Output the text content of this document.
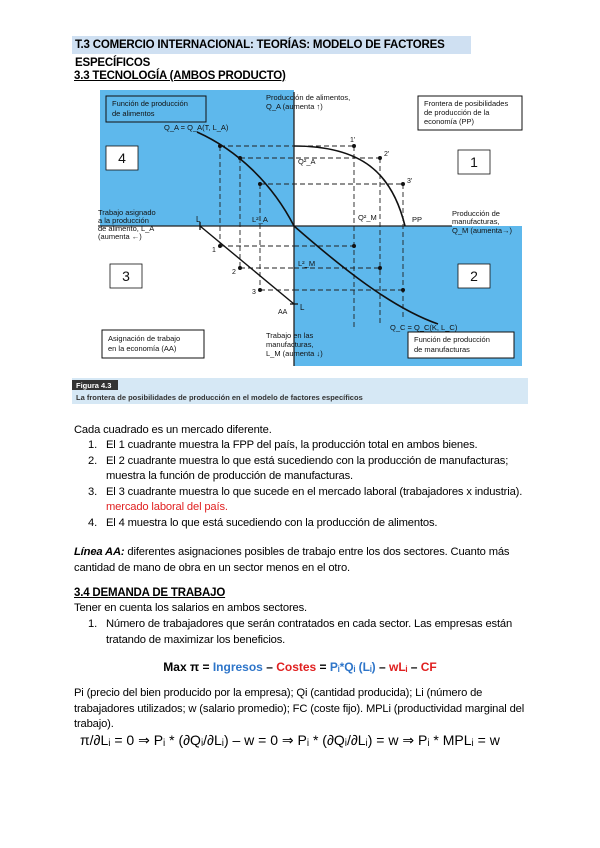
T.3 COMERCIO INTERNACIONAL: TEORÍAS: MODELO DE FACTORES ESPECÍFICOS
3.3 TECNOLOGÍA (AMBOS PRODUCTO)
Función de producción de alimentos
Frontera de posibilidades de producción de la economía (PP)
Asignación de trabajo en la economía (AA)
Función de producción de manufacturas
4	1
3	2
Producción de alimentos, Q_A (aumenta ↑)
Trabajo asignado a la producción de alimento, L_A (aumenta ←)
Producción de manufacturas, Q_M (aumenta→)
Trabajo en las manufacturas, L_M (aumenta ↓)
Q_A = Q_A(T, L_A)
Q_C = Q_C(K, L_C)
Q²_A
L²_A
L²_M
Q²_M
L
L
AA
PP
1'
2'
3'
1
2
3
Figura 4.3
La frontera de posibilidades de producción en el modelo de factores específicos
Cada cuadrado es un mercado diferente.
1. El 1 cuadrante muestra la FPP del país, la producción total en ambos bienes.
2. El 2 cuadrante muestra lo que está sucediendo con la producción de manufacturas; muestra la función de producción de manufacturas.
3. El 3 cuadrante muestra lo que sucede en el mercado laboral (trabajadores x industria). mercado laboral del país.
4. El 4 muestra lo que está sucediendo con la producción de alimentos.
Línea AA: diferentes asignaciones posibles de trabajo entre los dos sectores. Cuanto más cantidad de mano de obra en un sector menos en el otro.
3.4 DEMANDA DE TRABAJO
Tener en cuenta los salarios en ambos sectores.
1. Número de trabajadores que serán contratados en cada sector. Las empresas están tratando de maximizar los beneficios.
Max π = Ingresos – Costes = Pᵢ*Qᵢ (Lᵢ) – wLᵢ – CF
Pi (precio del bien producido por la empresa); Qi (cantidad producida); Li (número de trabajadores utilizados; w (salario promedio); FC (coste fijo). MPLi (productividad marginal del trabajo).
π/∂Lᵢ = 0 ⇒ Pᵢ * (∂Qᵢ/∂Lᵢ) – w = 0 ⇒ Pᵢ * (∂Qᵢ/∂Lᵢ) = w ⇒ Pᵢ * MPLᵢ = w
